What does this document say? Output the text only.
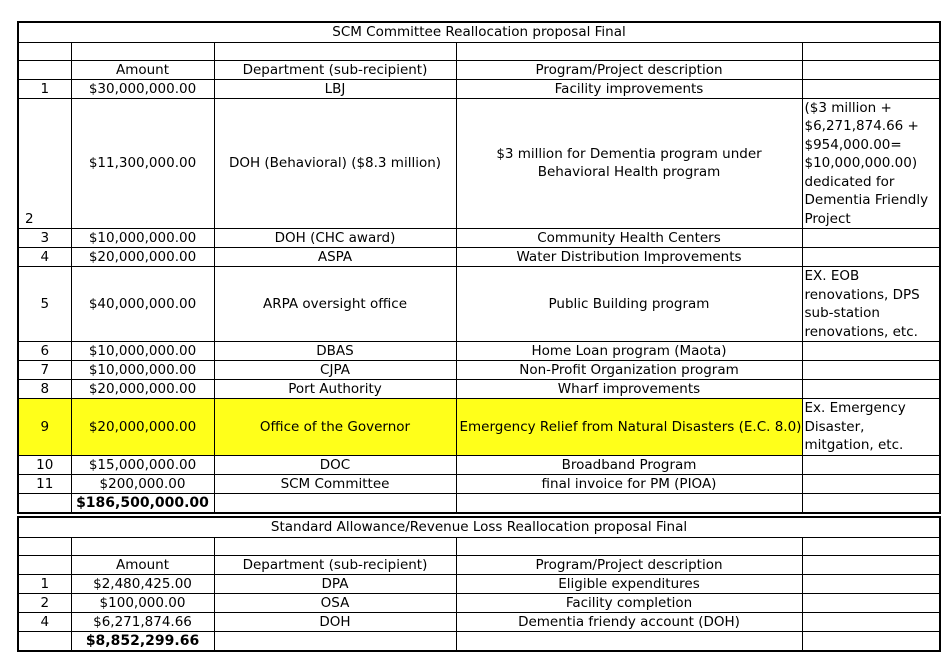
SCM Committee Reallocation proposal Final				

	Amount	Department (sub-recipient)	Program/Project description	
1	$30,000,000.00	LBJ	Facility improvements	
2	$11,300,000.00	DOH (Behavioral) ($8.3 million)	$3 million for Dementia program under Behavioral Health program	($3 million + $6,271,874.66 + $954,000.00= $10,000,000.00) dedicated for Dementia Friendly Project
3	$10,000,000.00	DOH (CHC award)	Community Health Centers	
4	$20,000,000.00	ASPA	Water Distribution Improvements	
5	$40,000,000.00	ARPA oversight office	Public Building program	EX. EOB renovations, DPS sub-station renovations, etc.
6	$10,000,000.00	DBAS	Home Loan program (Maota)	
7	$10,000,000.00	CJPA	Non-Profit Organization program	
8	$20,000,000.00	Port Authority	Wharf improvements	
9	$20,000,000.00	Office of the Governor	Emergency Relief from Natural Disasters (E.C. 8.0)	Ex. Emergency Disaster, mitgation, etc.
10	$15,000,000.00	DOC	Broadband Program	
11	$200,000.00	SCM Committee	final invoice for PM (PIOA)	
	$186,500,000.00			
Standard Allowance/Revenue Loss Reallocation proposal Final				

	Amount	Department (sub-recipient)	Program/Project description	
1	$2,480,425.00	DPA	Eligible expenditures	
2	$100,000.00	OSA	Facility completion	
4	$6,271,874.66	DOH	Dementia friendy account (DOH)	
	$8,852,299.66			
